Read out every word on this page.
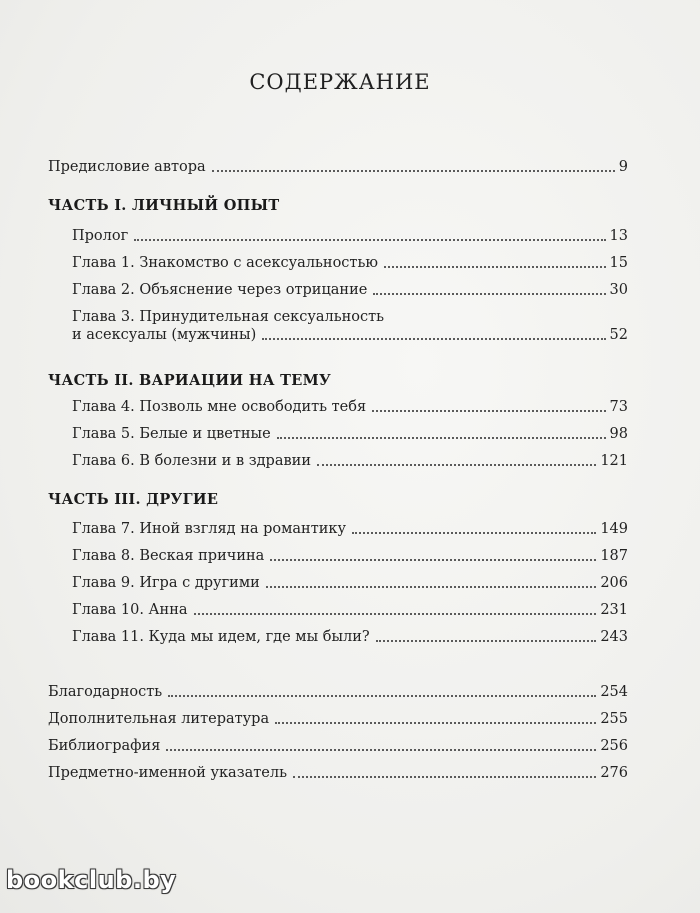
СОДЕРЖАНИЕ
Предисловие автора	9
ЧАСТЬ I. ЛИЧНЫЙ ОПЫТ
Пролог	13
Глава 1. Знакомство с асексуальностью	15
Глава 2. Объяснение через отрицание	30
Глава 3. Принудительная сексуальность
и асексуалы (мужчины)	52
ЧАСТЬ II. ВАРИАЦИИ НА ТЕМУ
Глава 4. Позволь мне освободить тебя	73
Глава 5. Белые и цветные	98
Глава 6. В болезни и в здравии	121
ЧАСТЬ III. ДРУГИЕ
Глава 7. Иной взгляд на романтику	149
Глава 8. Веская причина	187
Глава 9. Игра с другими	206
Глава 10. Анна	231
Глава 11. Куда мы идем, где мы были?	243
Благодарность	254
Дополнительная литература	255
Библиография	256
Предметно-именной указатель	276
bookclub.by
